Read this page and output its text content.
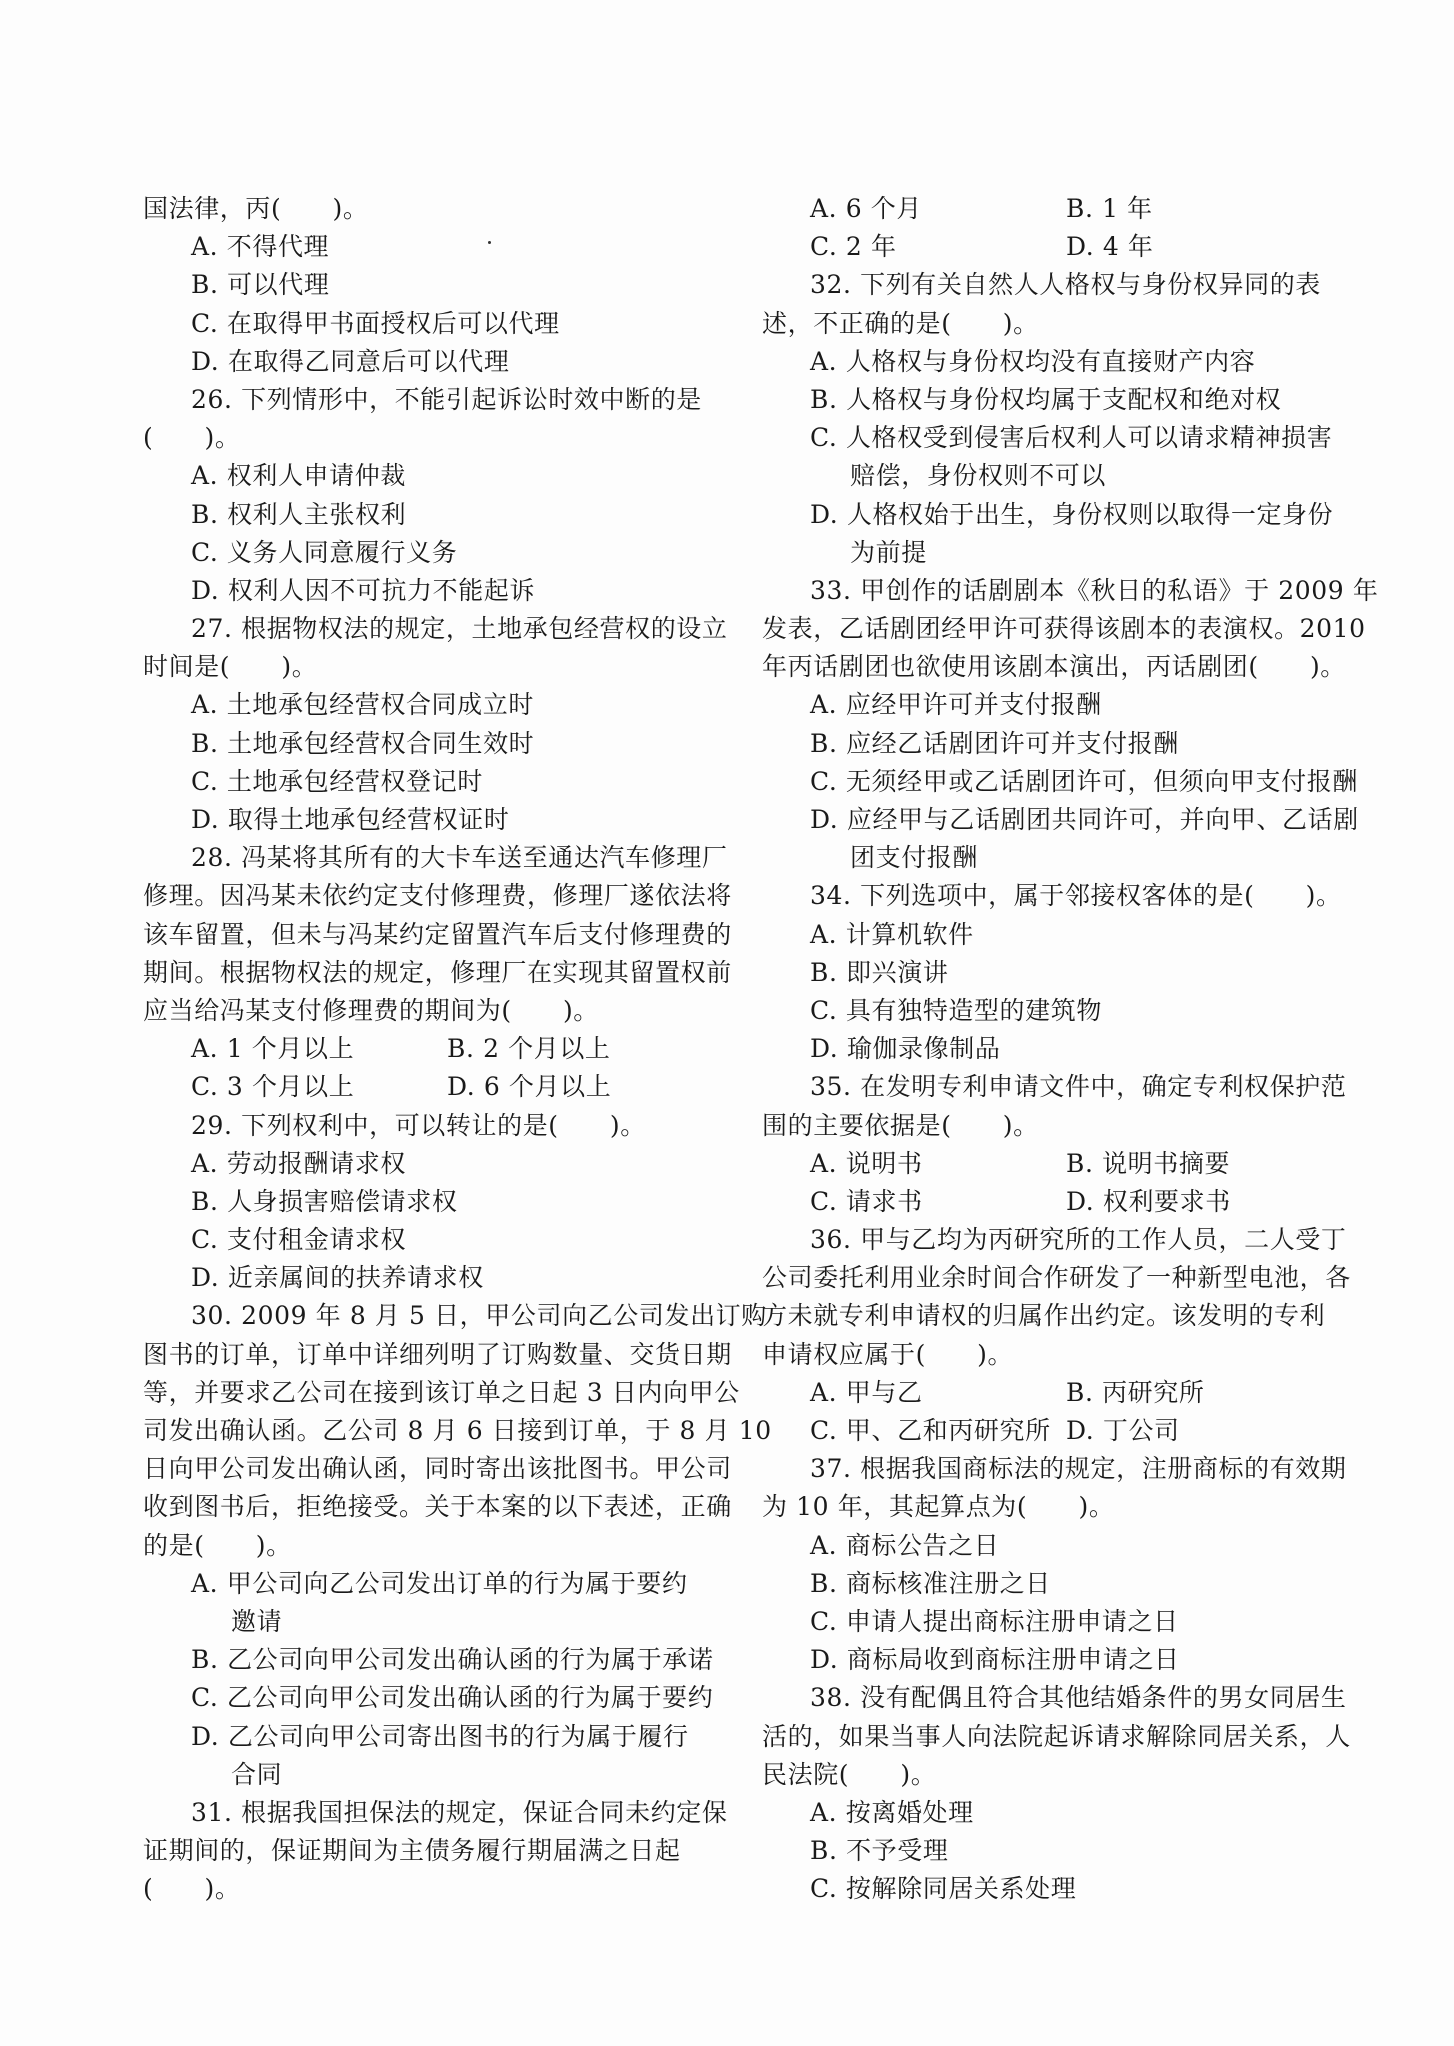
国法律，丙(　　)。
A. 不得代理
B. 可以代理
C. 在取得甲书面授权后可以代理
D. 在取得乙同意后可以代理
26. 下列情形中，不能引起诉讼时效中断的是
(　　)。
A. 权利人申请仲裁
B. 权利人主张权利
C. 义务人同意履行义务
D. 权利人因不可抗力不能起诉
27. 根据物权法的规定，土地承包经营权的设立
时间是(　　)。
A. 土地承包经营权合同成立时
B. 土地承包经营权合同生效时
C. 土地承包经营权登记时
D. 取得土地承包经营权证时
28. 冯某将其所有的大卡车送至通达汽车修理厂
修理。因冯某未依约定支付修理费，修理厂遂依法将
该车留置，但未与冯某约定留置汽车后支付修理费的
期间。根据物权法的规定，修理厂在实现其留置权前
应当给冯某支付修理费的期间为(　　)。
A. 1 个月以上	B. 2 个月以上
C. 3 个月以上	D. 6 个月以上
29. 下列权利中，可以转让的是(　　)。
A. 劳动报酬请求权
B. 人身损害赔偿请求权
C. 支付租金请求权
D. 近亲属间的扶养请求权
30. 2009 年 8 月 5 日，甲公司向乙公司发出订购
图书的订单，订单中详细列明了订购数量、交货日期
等，并要求乙公司在接到该订单之日起 3 日内向甲公
司发出确认函。乙公司 8 月 6 日接到订单，于 8 月 10
日向甲公司发出确认函，同时寄出该批图书。甲公司
收到图书后，拒绝接受。关于本案的以下表述，正确
的是(　　)。
A. 甲公司向乙公司发出订单的行为属于要约
邀请
B. 乙公司向甲公司发出确认函的行为属于承诺
C. 乙公司向甲公司发出确认函的行为属于要约
D. 乙公司向甲公司寄出图书的行为属于履行
合同
31. 根据我国担保法的规定，保证合同未约定保
证期间的，保证期间为主债务履行期届满之日起
(　　)。
A. 6 个月	B. 1 年
C. 2 年	D. 4 年
32. 下列有关自然人人格权与身份权异同的表
述，不正确的是(　　)。
A. 人格权与身份权均没有直接财产内容
B. 人格权与身份权均属于支配权和绝对权
C. 人格权受到侵害后权利人可以请求精神损害
赔偿，身份权则不可以
D. 人格权始于出生，身份权则以取得一定身份
为前提
33. 甲创作的话剧剧本《秋日的私语》于 2009 年
发表，乙话剧团经甲许可获得该剧本的表演权。2010
年丙话剧团也欲使用该剧本演出，丙话剧团(　　)。
A. 应经甲许可并支付报酬
B. 应经乙话剧团许可并支付报酬
C. 无须经甲或乙话剧团许可，但须向甲支付报酬
D. 应经甲与乙话剧团共同许可，并向甲、乙话剧
团支付报酬
34. 下列选项中，属于邻接权客体的是(　　)。
A. 计算机软件
B. 即兴演讲
C. 具有独特造型的建筑物
D. 瑜伽录像制品
35. 在发明专利申请文件中，确定专利权保护范
围的主要依据是(　　)。
A. 说明书	B. 说明书摘要
C. 请求书	D. 权利要求书
36. 甲与乙均为丙研究所的工作人员，二人受丁
公司委托利用业余时间合作研发了一种新型电池，各
方未就专利申请权的归属作出约定。该发明的专利
申请权应属于(　　)。
A. 甲与乙	B. 丙研究所
C. 甲、乙和丙研究所 D. 丁公司
37. 根据我国商标法的规定，注册商标的有效期
为 10 年，其起算点为(　　)。
A. 商标公告之日
B. 商标核准注册之日
C. 申请人提出商标注册申请之日
D. 商标局收到商标注册申请之日
38. 没有配偶且符合其他结婚条件的男女同居生
活的，如果当事人向法院起诉请求解除同居关系，人
民法院(　　)。
A. 按离婚处理
B. 不予受理
C. 按解除同居关系处理
